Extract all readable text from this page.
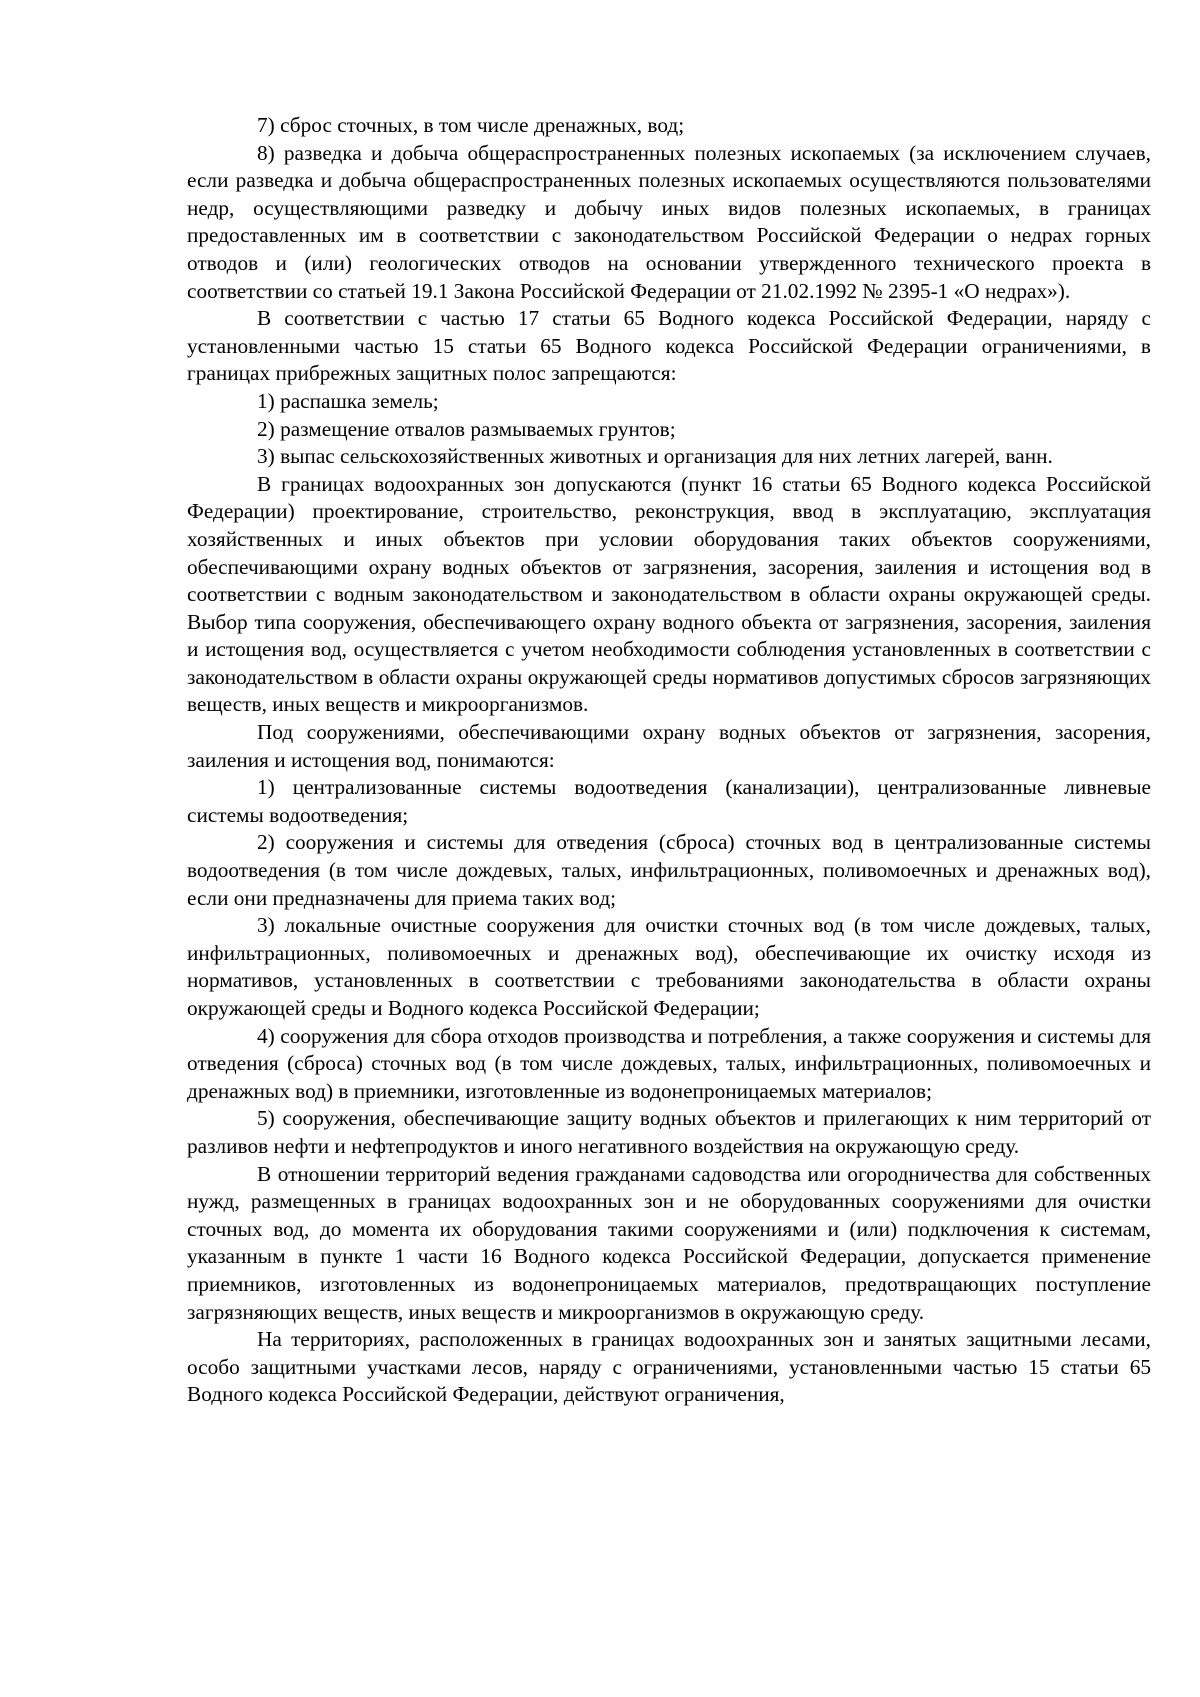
7) сброс сточных, в том числе дренажных, вод;

8) разведка и добыча общераспространенных полезных ископаемых (за исключением случаев, если разведка и добыча общераспространенных полезных ископаемых осуществляются пользователями недр, осуществляющими разведку и добычу иных видов полезных ископаемых, в границах предоставленных им в соответствии с законодательством Российской Федерации о недрах горных отводов и (или) геологических отводов на основании утвержденного технического проекта в соответствии со статьей 19.1 Закона Российской Федерации от 21.02.1992 № 2395-1 «О недрах»).

В соответствии с частью 17 статьи 65 Водного кодекса Российской Федерации, наряду с установленными частью 15 статьи 65 Водного кодекса Российской Федерации ограничениями, в границах прибрежных защитных полос запрещаются:

1) распашка земель;

2) размещение отвалов размываемых грунтов;

3) выпас сельскохозяйственных животных и организация для них летних лагерей, ванн.

В границах водоохранных зон допускаются (пункт 16 статьи 65 Водного кодекса Российской Федерации) проектирование, строительство, реконструкция, ввод в эксплуатацию, эксплуатация хозяйственных и иных объектов при условии оборудования таких объектов сооружениями, обеспечивающими охрану водных объектов от загрязнения, засорения, заиления и истощения вод в соответствии с водным законодательством и законодательством в области охраны окружающей среды. Выбор типа сооружения, обеспечивающего охрану водного объекта от загрязнения, засорения, заиления и истощения вод, осуществляется с учетом необходимости соблюдения установленных в соответствии с законодательством в области охраны окружающей среды нормативов допустимых сбросов загрязняющих веществ, иных веществ и микроорганизмов.

Под сооружениями, обеспечивающими охрану водных объектов от загрязнения, засорения, заиления и истощения вод, понимаются:

1) централизованные системы водоотведения (канализации), централизованные ливневые системы водоотведения;

2) сооружения и системы для отведения (сброса) сточных вод в централизованные системы водоотведения (в том числе дождевых, талых, инфильтрационных, поливомоечных и дренажных вод), если они предназначены для приема таких вод;

3) локальные очистные сооружения для очистки сточных вод (в том числе дождевых, талых, инфильтрационных, поливомоечных и дренажных вод), обеспечивающие их очистку исходя из нормативов, установленных в соответствии с требованиями законодательства в области охраны окружающей среды и Водного кодекса Российской Федерации;

4) сооружения для сбора отходов производства и потребления, а также сооружения и системы для отведения (сброса) сточных вод (в том числе дождевых, талых, инфильтрационных, поливомоечных и дренажных вод) в приемники, изготовленные из водонепроницаемых материалов;

5) сооружения, обеспечивающие защиту водных объектов и прилегающих к ним территорий от разливов нефти и нефтепродуктов и иного негативного воздействия на окружающую среду.

В отношении территорий ведения гражданами садоводства или огородничества для собственных нужд, размещенных в границах водоохранных зон и не оборудованных сооружениями для очистки сточных вод, до момента их оборудования такими сооружениями и (или) подключения к системам, указанным в пункте 1 части 16 Водного кодекса Российской Федерации, допускается применение приемников, изготовленных из водонепроницаемых материалов, предотвращающих поступление загрязняющих веществ, иных веществ и микроорганизмов в окружающую среду.

На территориях, расположенных в границах водоохранных зон и занятых защитными лесами, особо защитными участками лесов, наряду с ограничениями, установленными частью 15 статьи 65 Водного кодекса Российской Федерации, действуют ограничения,
